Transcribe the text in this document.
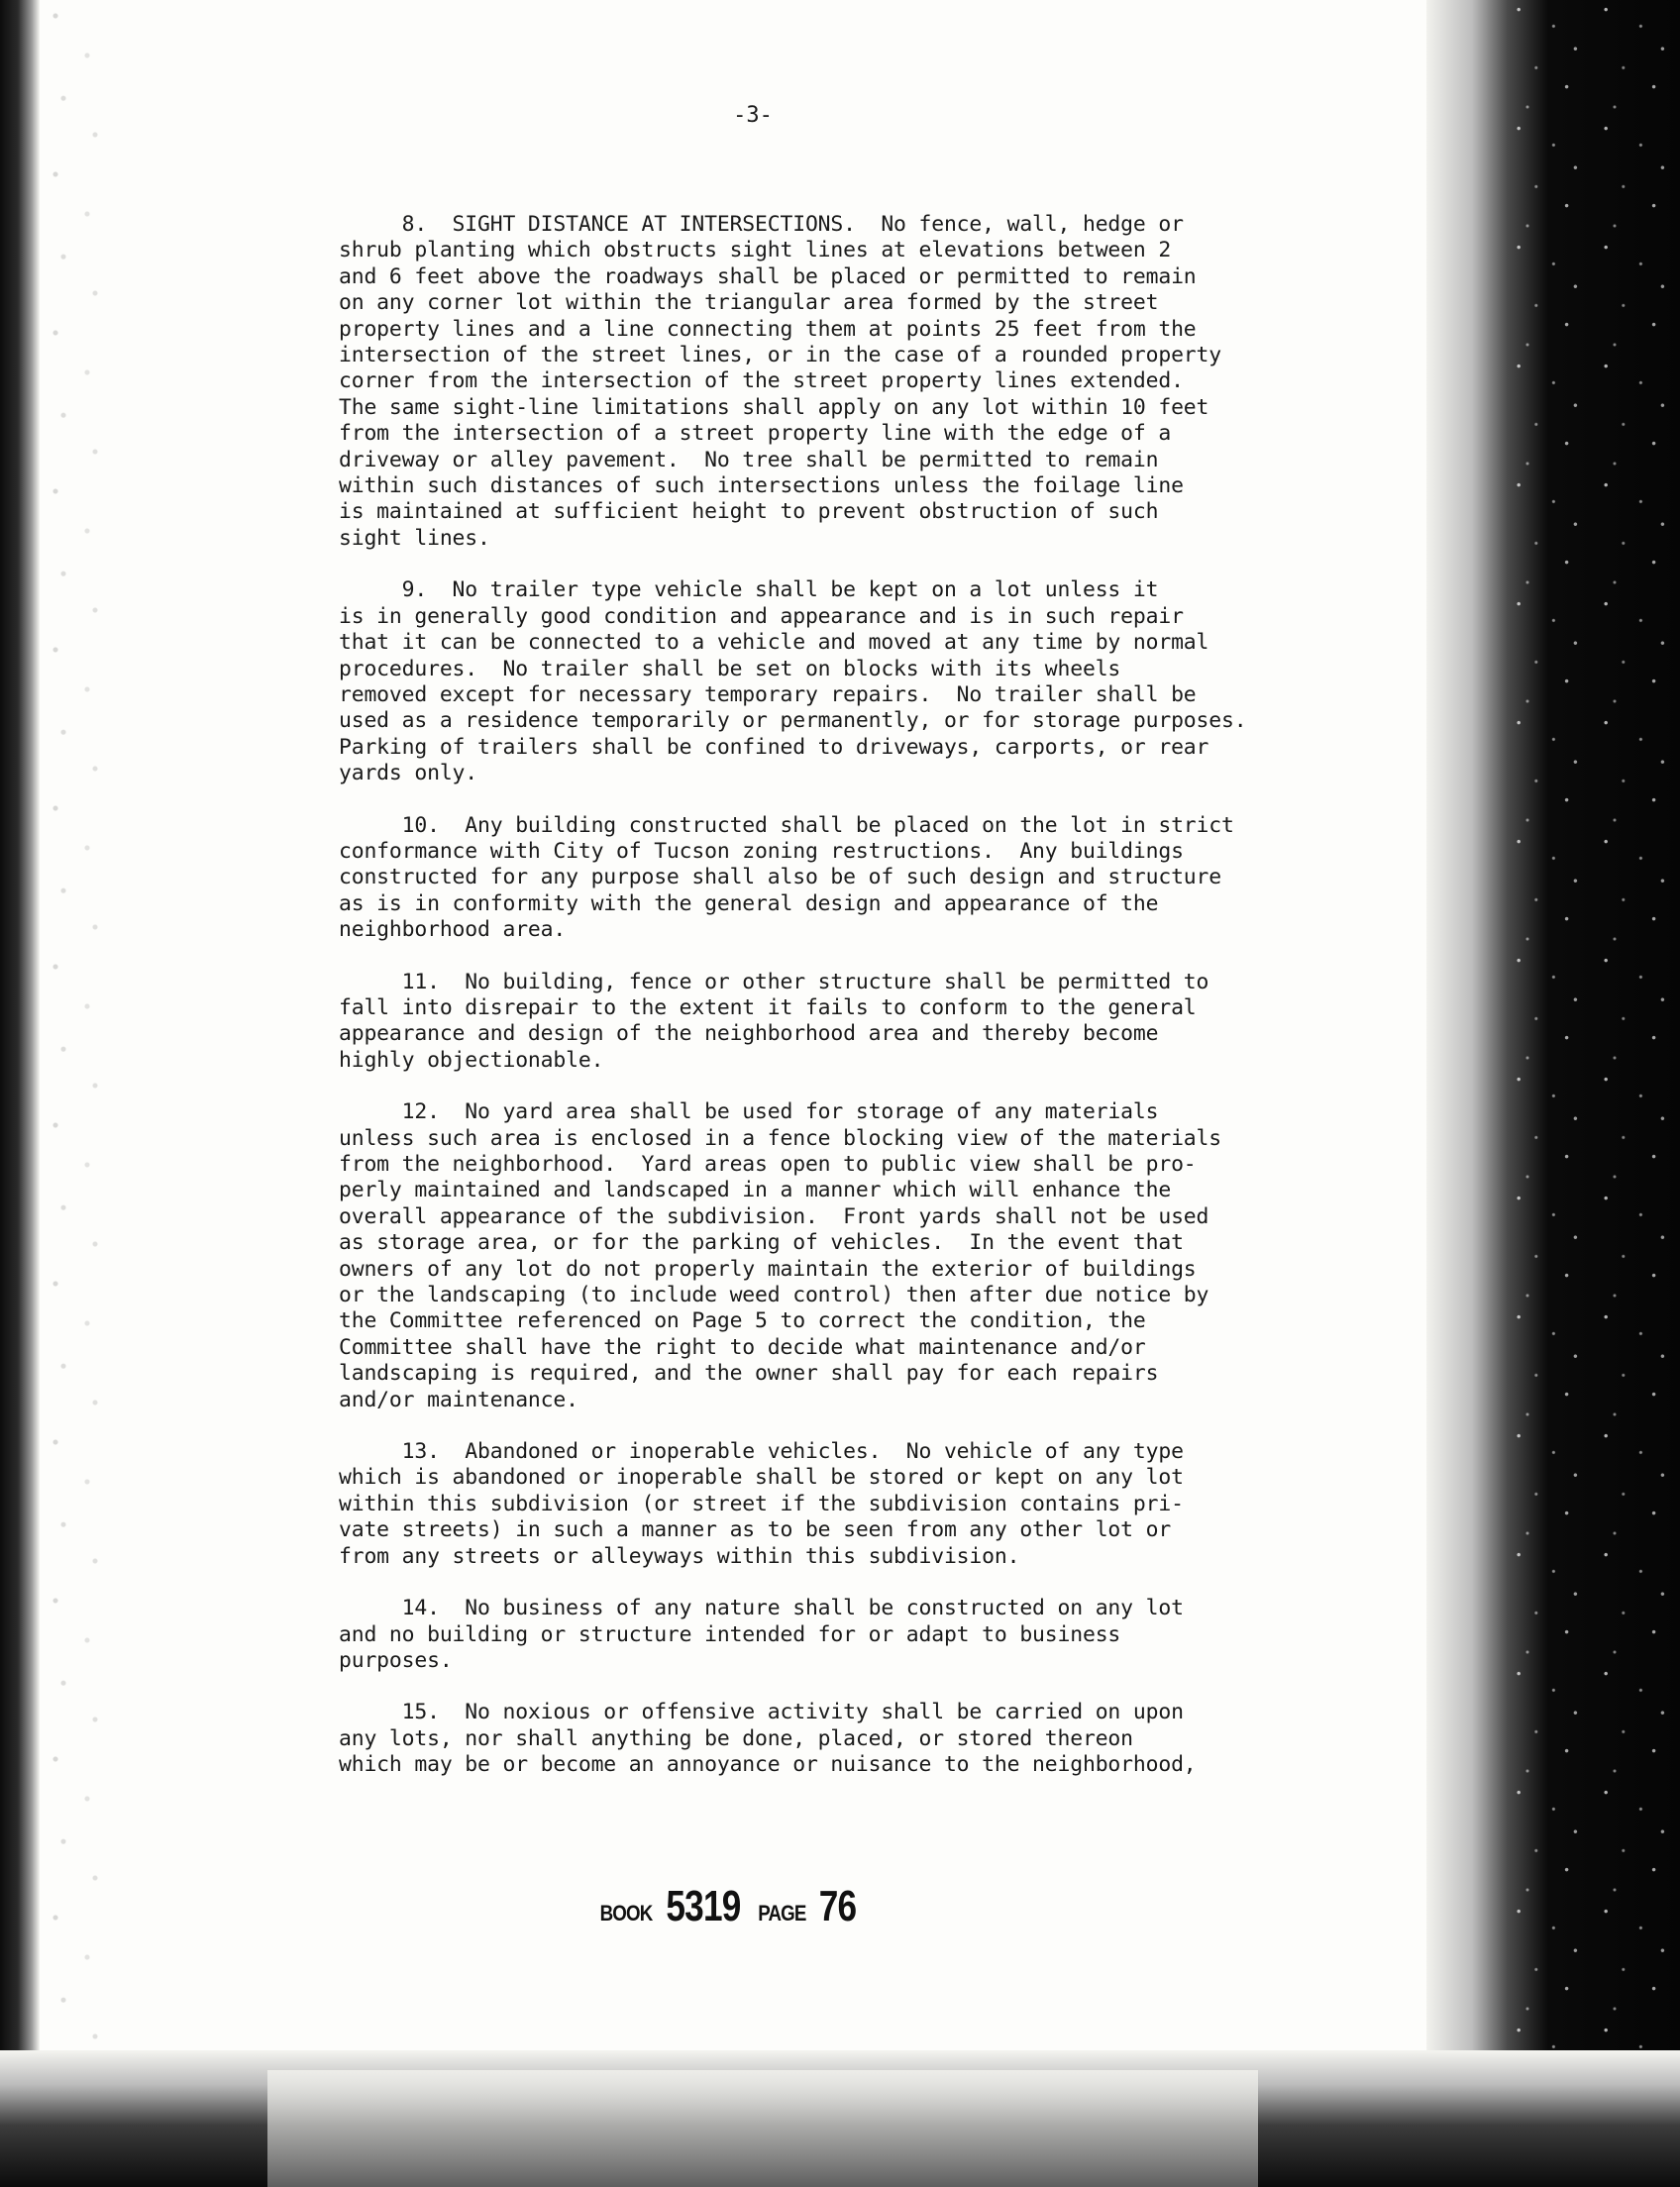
-3-
8.  SIGHT DISTANCE AT INTERSECTIONS.  No fence, wall, hedge or
shrub planting which obstructs sight lines at elevations between 2
and 6 feet above the roadways shall be placed or permitted to remain
on any corner lot within the triangular area formed by the street
property lines and a line connecting them at points 25 feet from the
intersection of the street lines, or in the case of a rounded property
corner from the intersection of the street property lines extended.
The same sight-line limitations shall apply on any lot within 10 feet
from the intersection of a street property line with the edge of a
driveway or alley pavement.  No tree shall be permitted to remain
within such distances of such intersections unless the foilage line
is maintained at sufficient height to prevent obstruction of such
sight lines.
9.  No trailer type vehicle shall be kept on a lot unless it
is in generally good condition and appearance and is in such repair
that it can be connected to a vehicle and moved at any time by normal
procedures.  No trailer shall be set on blocks with its wheels
removed except for necessary temporary repairs.  No trailer shall be
used as a residence temporarily or permanently, or for storage purposes.
Parking of trailers shall be confined to driveways, carports, or rear
yards only.
10.  Any building constructed shall be placed on the lot in strict
conformance with City of Tucson zoning restructions.  Any buildings
constructed for any purpose shall also be of such design and structure
as is in conformity with the general design and appearance of the
neighborhood area.
11.  No building, fence or other structure shall be permitted to
fall into disrepair to the extent it fails to conform to the general
appearance and design of the neighborhood area and thereby become
highly objectionable.
12.  No yard area shall be used for storage of any materials
unless such area is enclosed in a fence blocking view of the materials
from the neighborhood.  Yard areas open to public view shall be pro-
perly maintained and landscaped in a manner which will enhance the
overall appearance of the subdivision.  Front yards shall not be used
as storage area, or for the parking of vehicles.  In the event that
owners of any lot do not properly maintain the exterior of buildings
or the landscaping (to include weed control) then after due notice by
the Committee referenced on Page 5 to correct the condition, the
Committee shall have the right to decide what maintenance and/or
landscaping is required, and the owner shall pay for each repairs
and/or maintenance.
13.  Abandoned or inoperable vehicles.  No vehicle of any type
which is abandoned or inoperable shall be stored or kept on any lot
within this subdivision (or street if the subdivision contains pri-
vate streets) in such a manner as to be seen from any other lot or
from any streets or alleyways within this subdivision.
14.  No business of any nature shall be constructed on any lot
and no building or structure intended for or adapt to business
purposes.
15.  No noxious or offensive activity shall be carried on upon
any lots, nor shall anything be done, placed, or stored thereon
which may be or become an annoyance or nuisance to the neighborhood,
BOOK 5319 PAGE 76
